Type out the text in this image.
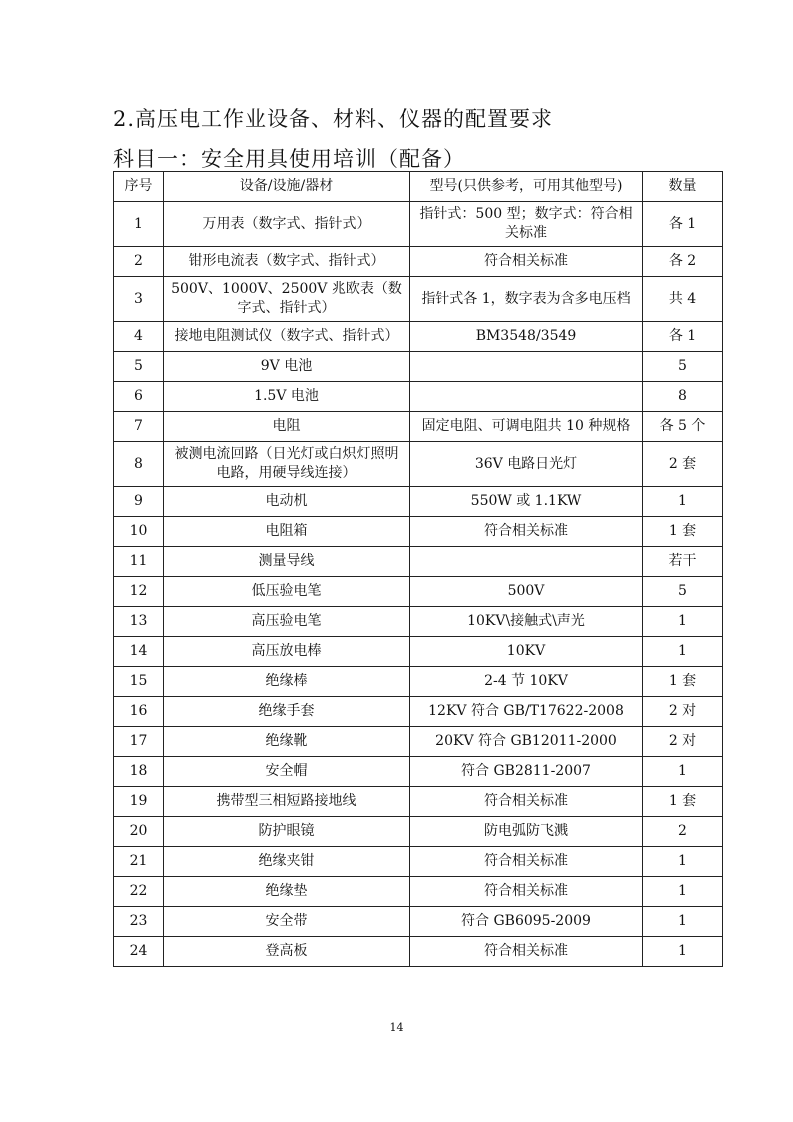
2.高压电工作业设备、材料、仪器的配置要求
科目一：安全用具使用培训（配备）
序号	设备/设施/器材	型号(只供参考，可用其他型号)	数量
1	万用表（数字式、指针式）	指针式：500 型；数字式：符合相关标准	各 1
2	钳形电流表（数字式、指针式）	符合相关标准	各 2
3	500V、1000V、2500V 兆欧表（数字式、指针式）	指针式各 1，数字表为含多电压档	共 4
4	接地电阻测试仪（数字式、指针式）	BM3548/3549	各 1
5	9V 电池		5
6	1.5V 电池		8
7	电阻	固定电阻、可调电阻共 10 种规格	各 5 个
8	被测电流回路（日光灯或白炽灯照明电路，用硬导线连接）	36V 电路日光灯	2 套
9	电动机	550W 或 1.1KW	1
10	电阻箱	符合相关标准	1 套
11	测量导线		若干
12	低压验电笔	500V	5
13	高压验电笔	10KV\接触式\声光	1
14	高压放电棒	10KV	1
15	绝缘棒	2-4 节 10KV	1 套
16	绝缘手套	12KV 符合 GB/T17622-2008	2 对
17	绝缘靴	20KV 符合 GB12011-2000	2 对
18	安全帽	符合 GB2811-2007	1
19	携带型三相短路接地线	符合相关标准	1 套
20	防护眼镜	防电弧防飞溅	2
21	绝缘夹钳	符合相关标准	1
22	绝缘垫	符合相关标准	1
23	安全带	符合 GB6095-2009	1
24	登高板	符合相关标准	1
14
